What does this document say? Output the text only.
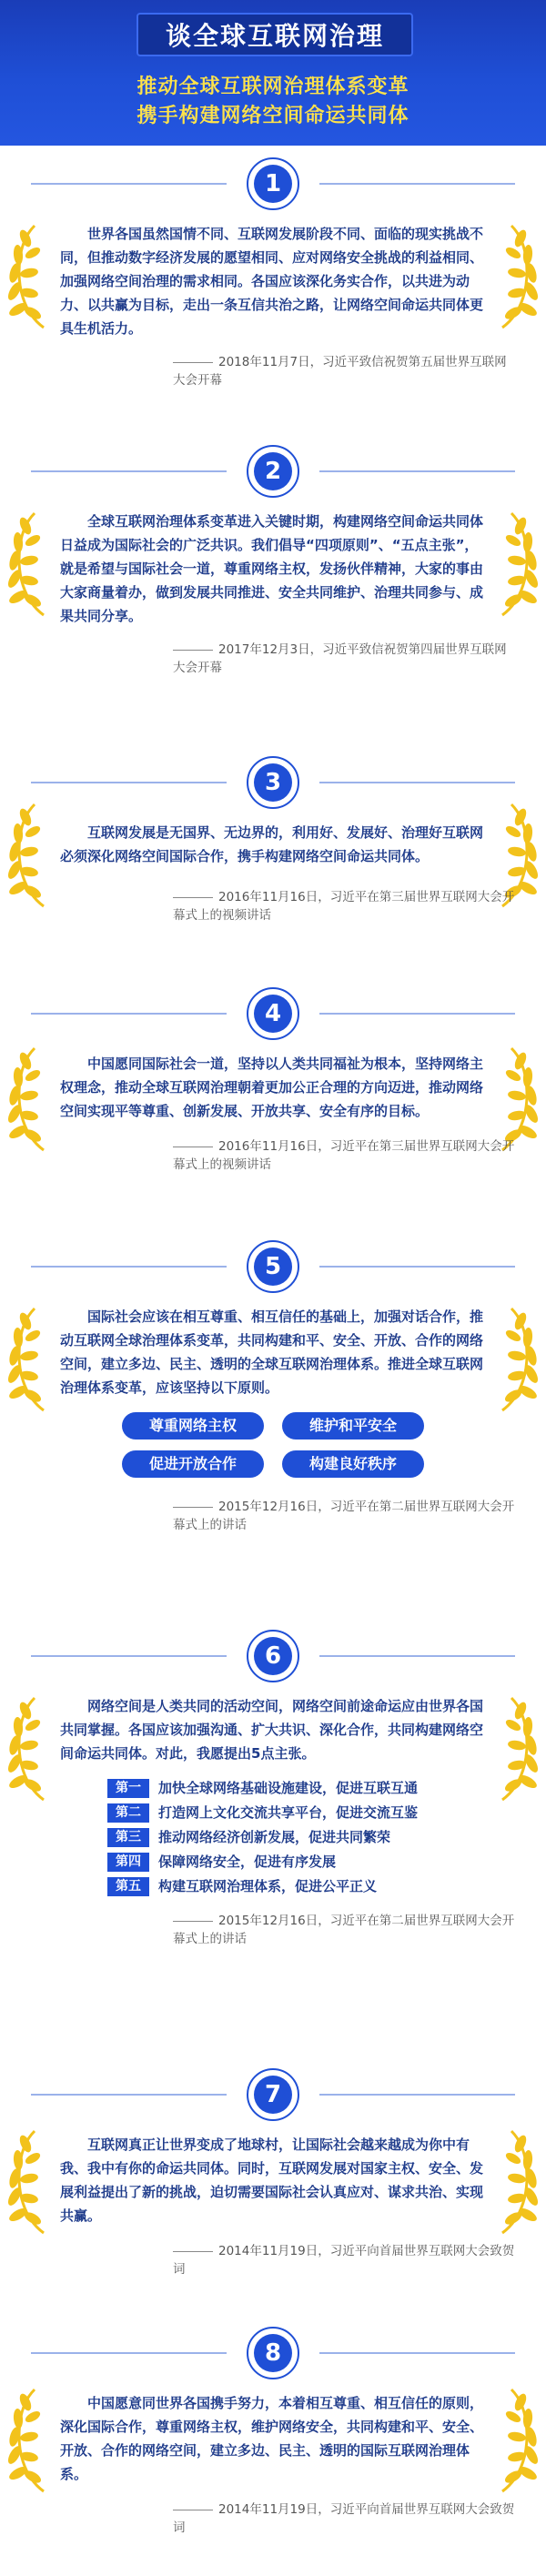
谈全球互联网治理
推动全球互联网治理体系变革
携手构建网络空间命运共同体
1
世界各国虽然国情不同、互联网发展阶段不同、面临的现实挑战不同，但推动数字经济发展的愿望相同、应对网络安全挑战的利益相同、加强网络空间治理的需求相同。各国应该深化务实合作，以共进为动力、以共赢为目标，走出一条互信共治之路，让网络空间命运共同体更具生机活力。
2018年11月7日，习近平致信祝贺第五届世界互联网大会开幕
2
全球互联网治理体系变革进入关键时期，构建网络空间命运共同体日益成为国际社会的广泛共识。我们倡导“四项原则”、“五点主张”，就是希望与国际社会一道，尊重网络主权，发扬伙伴精神，大家的事由大家商量着办，做到发展共同推进、安全共同维护、治理共同参与、成果共同分享。
2017年12月3日，习近平致信祝贺第四届世界互联网大会开幕
3
互联网发展是无国界、无边界的，利用好、发展好、治理好互联网必须深化网络空间国际合作，携手构建网络空间命运共同体。
2016年11月16日，习近平在第三届世界互联网大会开幕式上的视频讲话
4
中国愿同国际社会一道，坚持以人类共同福祉为根本，坚持网络主权理念，推动全球互联网治理朝着更加公正合理的方向迈进，推动网络空间实现平等尊重、创新发展、开放共享、安全有序的目标。
2016年11月16日，习近平在第三届世界互联网大会开幕式上的视频讲话
5
国际社会应该在相互尊重、相互信任的基础上，加强对话合作，推动互联网全球治理体系变革，共同构建和平、安全、开放、合作的网络空间，建立多边、民主、透明的全球互联网治理体系。推进全球互联网治理体系变革，应该坚持以下原则。
尊重网络主权	维护和平安全
促进开放合作	构建良好秩序
2015年12月16日，习近平在第二届世界互联网大会开幕式上的讲话
6
网络空间是人类共同的活动空间，网络空间前途命运应由世界各国共同掌握。各国应该加强沟通、扩大共识、深化合作，共同构建网络空间命运共同体。对此，我愿提出5点主张。
第一	加快全球网络基础设施建设，促进互联互通
第二	打造网上文化交流共享平台，促进交流互鉴
第三	推动网络经济创新发展，促进共同繁荣
第四	保障网络安全，促进有序发展
第五	构建互联网治理体系，促进公平正义
2015年12月16日，习近平在第二届世界互联网大会开幕式上的讲话
7
互联网真正让世界变成了地球村，让国际社会越来越成为你中有我、我中有你的命运共同体。同时，互联网发展对国家主权、安全、发展利益提出了新的挑战，迫切需要国际社会认真应对、谋求共治、实现共赢。
2014年11月19日，习近平向首届世界互联网大会致贺词
8
中国愿意同世界各国携手努力，本着相互尊重、相互信任的原则，深化国际合作，尊重网络主权，维护网络安全，共同构建和平、安全、开放、合作的网络空间，建立多边、民主、透明的国际互联网治理体系。
2014年11月19日，习近平向首届世界互联网大会致贺词
